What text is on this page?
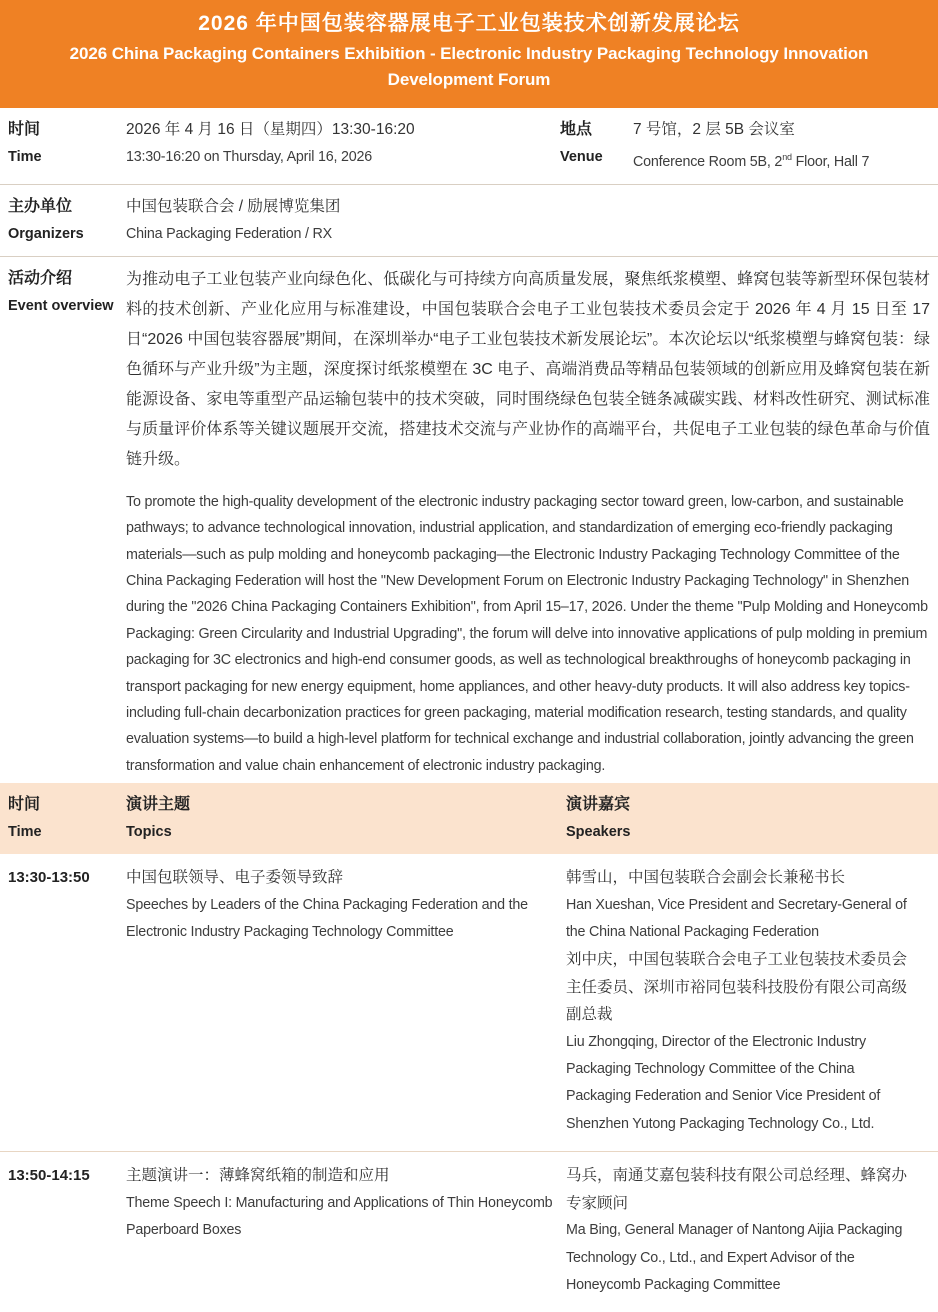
2026 年中国包装容器展电子工业包装技术创新发展论坛
2026 China Packaging Containers Exhibition - Electronic Industry Packaging Technology Innovation Development Forum
时间
Time
2026 年 4 月 16 日（星期四）13:30-16:20
13:30-16:20 on Thursday, April 16, 2026
地点
Venue
7 号馆，2 层 5B 会议室
Conference Room 5B, 2nd Floor, Hall 7
主办单位
Organizers
中国包装联合会 / 励展博览集团
China Packaging Federation / RX
活动介绍
Event overview

为推动电子工业包装产业向绿色化、低碳化与可持续方向高质量发展，聚焦纸浆模塑、蜂窝包装等新型环保包装材料的技术创新、产业化应用与标准建设，中国包装联合会电子工业包装技术委员会定于 2026 年 4 月 15 日至 17 日“2026 中国包装容器展”期间，在深圳举办“电子工业包装技术新发展论坛”。本次论坛以“纸浆模塑与蜂窝包装：绿色循环与产业升级”为主题，深度探讨纸浆模塑在 3C 电子、高端消费品等精品包装领域的创新应用及蜂窝包装在新能源设备、家电等重型产品运输包装中的技术突破，同时围绕绿色包装全链条减碳实践、材料改性研究、测试标准与质量评价体系等关键议题展开交流，搭建技术交流与产业协作的高端平台，共促电子工业包装的绿色革命与价值链升级。

To promote the high-quality development of the electronic industry packaging sector toward green, low-carbon, and sustainable pathways; to advance technological innovation, industrial application, and standardization of emerging eco-friendly packaging materials—such as pulp molding and honeycomb packaging—the Electronic Industry Packaging Technology Committee of the China Packaging Federation will host the "New Development Forum on Electronic Industry Packaging Technology" in Shenzhen during the "2026 China Packaging Containers Exhibition", from April 15–17, 2026. Under the theme "Pulp Molding and Honeycomb Packaging: Green Circularity and Industrial Upgrading", the forum will delve into innovative applications of pulp molding in premium packaging for 3C electronics and high-end consumer goods, as well as technological breakthroughs of honeycomb packaging in transport packaging for new energy equipment, home appliances, and other heavy-duty products. It will also address key topics-including full-chain decarbonization practices for green packaging, material modification research, testing standards, and quality evaluation systems—to build a high-level platform for technical exchange and industrial collaboration, jointly advancing the green transformation and value chain enhancement of electronic industry packaging.

时间
Time
演讲主题
Topics
演讲嘉宾
Speakers
13:30-13:50	中国包联领导、电子委领导致辞
Speeches by Leaders of the China Packaging Federation and the Electronic Industry Packaging Technology Committee
韩雪山，中国包装联合会副会长兼秘书长
Han Xueshan, Vice President and Secretary-General of the China National Packaging Federation
刘中庆，中国包装联合会电子工业包装技术委员会主任委员、深圳市裕同包装科技股份有限公司高级副总裁
Liu Zhongqing, Director of the Electronic Industry Packaging Technology Committee of the China Packaging Federation and Senior Vice President of Shenzhen Yutong Packaging Technology Co., Ltd.
13:50-14:15	主题演讲一：薄蜂窝纸箱的制造和应用
Theme Speech I: Manufacturing and Applications of Thin Honeycomb Paperboard Boxes
马兵，南通艾嘉包装科技有限公司总经理、蜂窝办专家顾问
Ma Bing, General Manager of Nantong Aijia Packaging Technology Co., Ltd., and Expert Advisor of the Honeycomb Packaging Committee
